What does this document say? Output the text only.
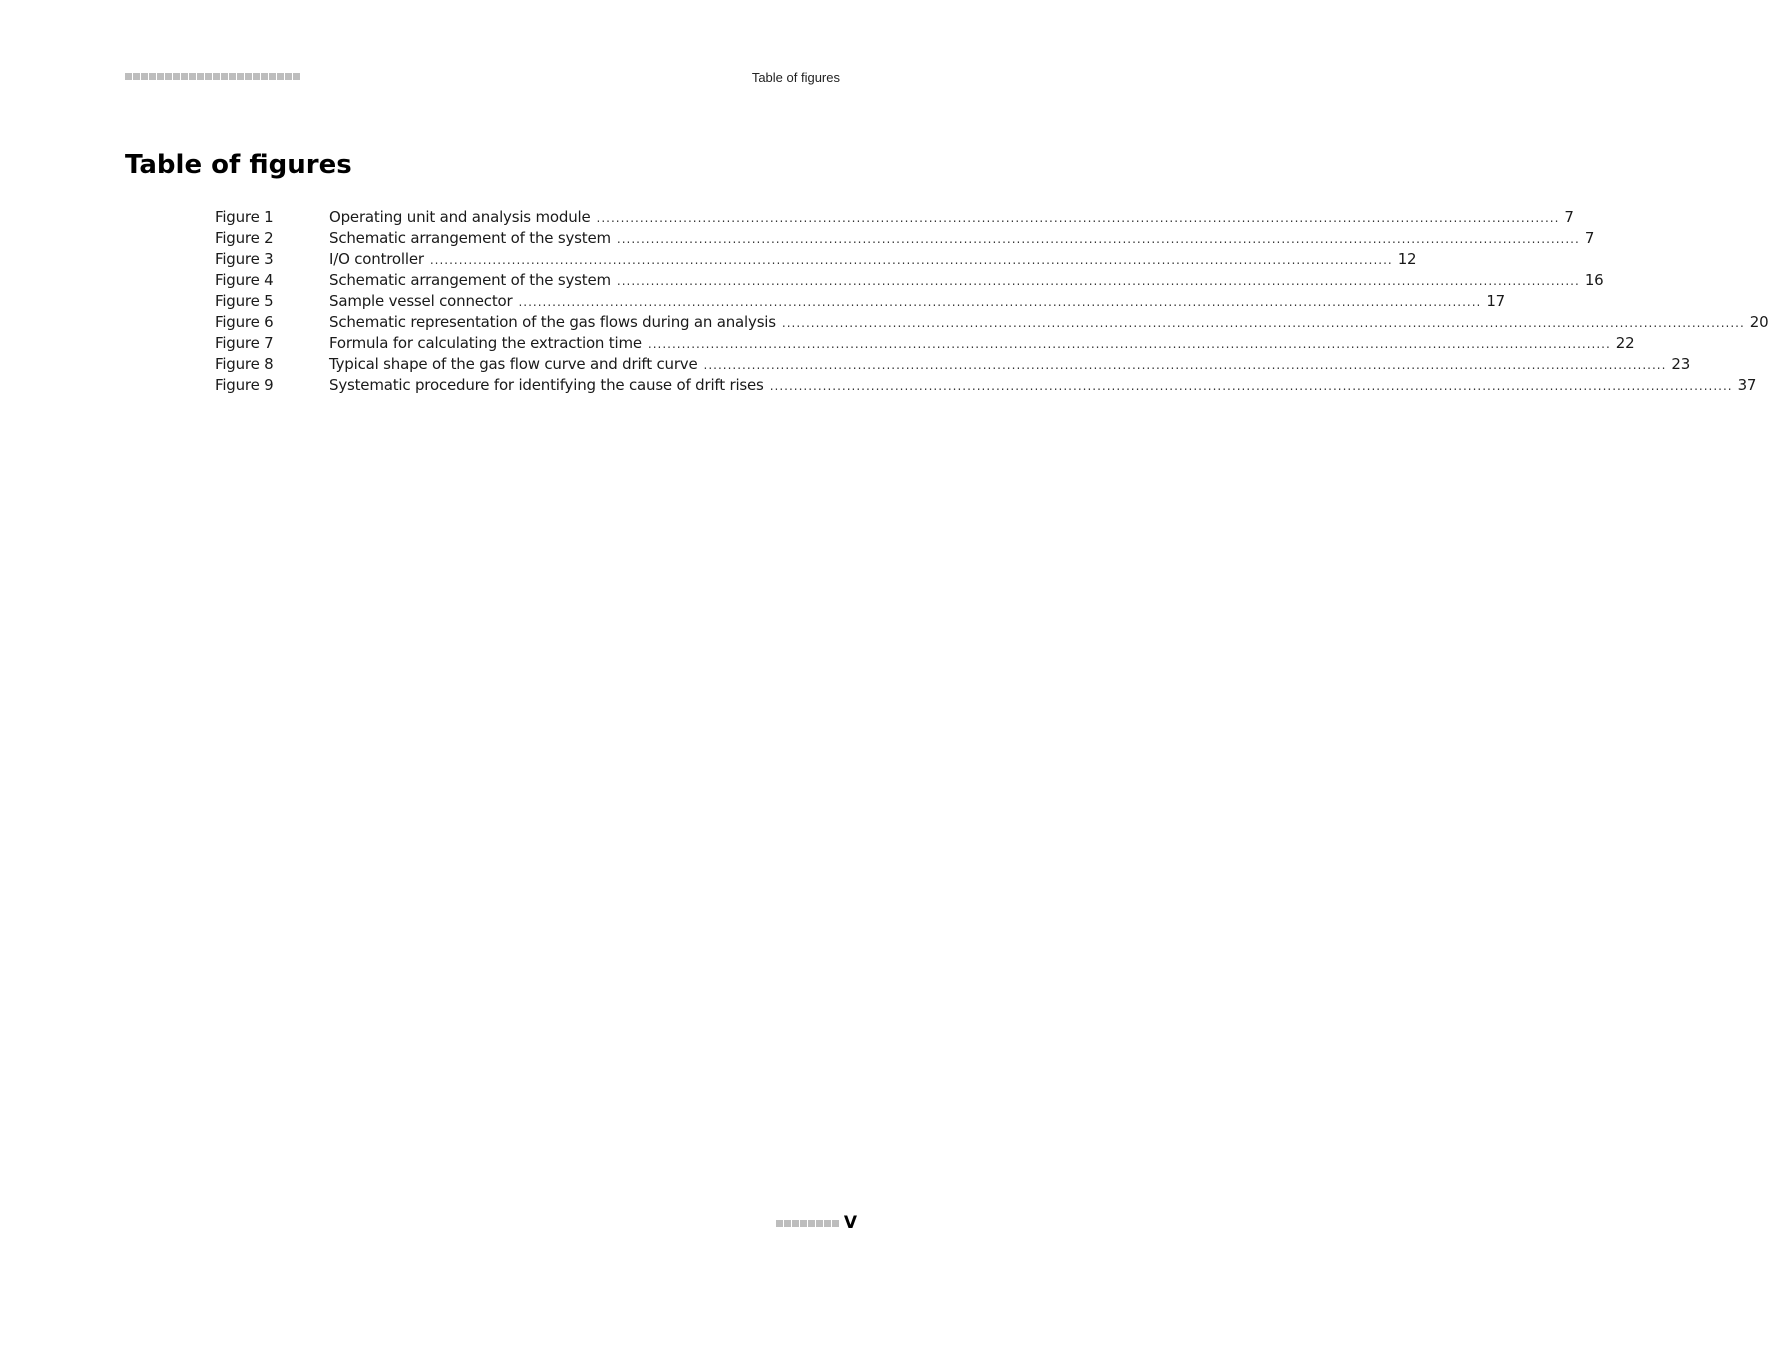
Table of figures
Table of figures
Figure 1	Operating unit and analysis module ........................................................................................................................................................................................................ 7
Figure 2	Schematic arrangement of the system ........................................................................................................................................................................................................ 7
Figure 3	I/O controller ........................................................................................................................................................................................................ 12
Figure 4	Schematic arrangement of the system ........................................................................................................................................................................................................ 16
Figure 5	Sample vessel connector ........................................................................................................................................................................................................ 17
Figure 6	Schematic representation of the gas flows during an analysis ........................................................................................................................................................................................................ 20
Figure 7	Formula for calculating the extraction time ........................................................................................................................................................................................................ 22
Figure 8	Typical shape of the gas flow curve and drift curve ........................................................................................................................................................................................................ 23
Figure 9	Systematic procedure for identifying the cause of drift rises ........................................................................................................................................................................................................ 37
V
